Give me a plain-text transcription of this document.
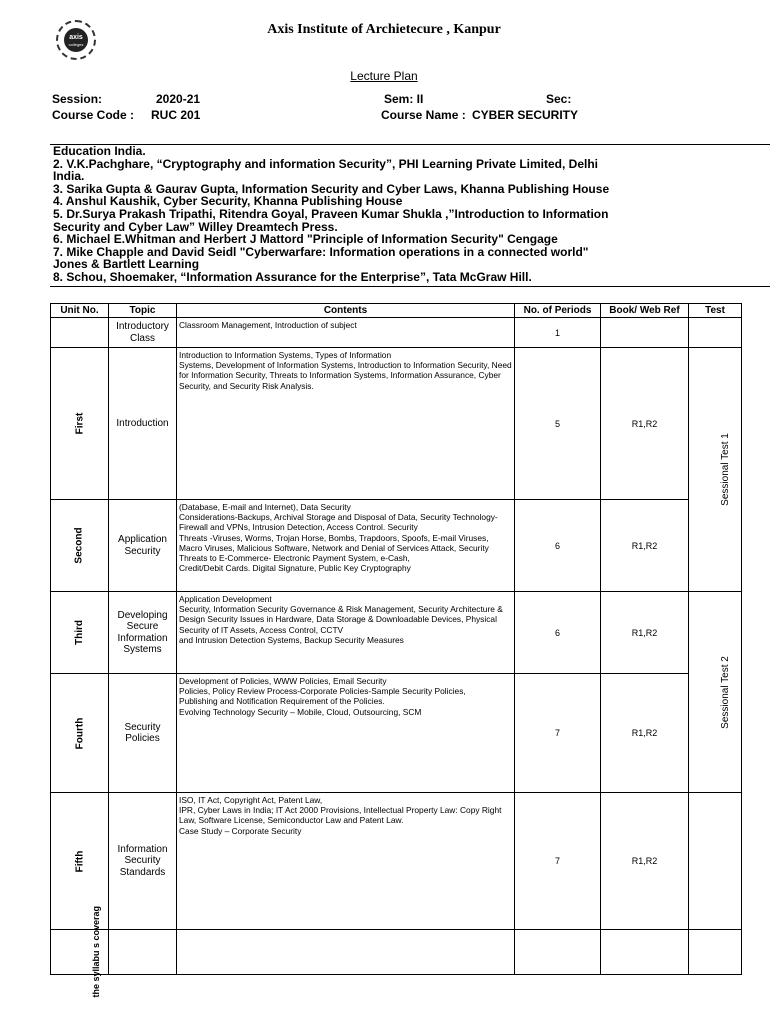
axis
colleges
Axis Institute of Archietecure , Kanpur
Lecture Plan
Session:	2020-21	Sem: II	Sec:
Course Code : RUC 201	Course Name : CYBER SECURITY

Education India.
2. V.K.Pachghare, “Cryptography and information Security”, PHI Learning Private Limited, Delhi
India.
3. Sarika Gupta & Gaurav Gupta, Information Security and Cyber Laws, Khanna Publishing House
4. Anshul Kaushik, Cyber Security, Khanna Publishing House
5. Dr.Surya Prakash Tripathi, Ritendra Goyal, Praveen Kumar Shukla ,”Introduction to Information
Security and Cyber Law” Willey Dreamtech Press.
6. Michael E.Whitman and Herbert J Mattord "Principle of Information Security" Cengage
7. Mike Chapple and David Seidl "Cyberwarfare: Information operations in a connected world"
Jones & Bartlett Learning
8. Schou, Shoemaker, “Information Assurance for the Enterprise”, Tata McGraw Hill.
Unit No.	Topic	Contents	No. of Periods	Book/ Web Ref	Test
	Introductory Class	Classroom Management, Introduction of subject	1		
First	Introduction	Introduction to Information Systems, Types of Information
Systems, Development of Information Systems, Introduction to Information Security, Need for Information Security, Threats to Information Systems, Information Assurance, Cyber Security, and Security Risk Analysis.	5	R1,R2	Sessional Test 1
Second	Application Security	(Database, E-mail and Internet), Data Security
Considerations-Backups, Archival Storage and Disposal of Data, Security Technology-Firewall and VPNs, Intrusion Detection, Access Control. Security
Threats -Viruses, Worms, Trojan Horse, Bombs, Trapdoors, Spoofs, E-mail Viruses, Macro Viruses, Malicious Software, Network and Denial of Services Attack, Security Threats to E-Commerce- Electronic Payment System, e-Cash,
Credit/Debit Cards. Digital Signature, Public Key Cryptography	6	R1,R2	
Third	Developing Secure Information Systems	Application Development
Security, Information Security Governance & Risk Management, Security Architecture & Design Security Issues in Hardware, Data Storage & Downloadable Devices, Physical Security of IT Assets, Access Control, CCTV
and Intrusion Detection Systems, Backup Security Measures	6	R1,R2	Sessional Test 2
Fourth	Security Policies	Development of Policies, WWW Policies, Email Security
Policies, Policy Review Process-Corporate Policies-Sample Security Policies,
Publishing and Notification Requirement of the Policies.
Evolving Technology Security – Mobile, Cloud, Outsourcing, SCM	7	R1,R2	
Fifth	Information Security Standards	ISO, IT Act, Copyright Act, Patent Law,
IPR, Cyber Laws in India; IT Act 2000 Provisions, Intellectual Property Law: Copy Right Law, Software License, Semiconductor Law and Patent Law.
Case Study – Corporate Security	7	R1,R2	
the syllabu s coverag					
